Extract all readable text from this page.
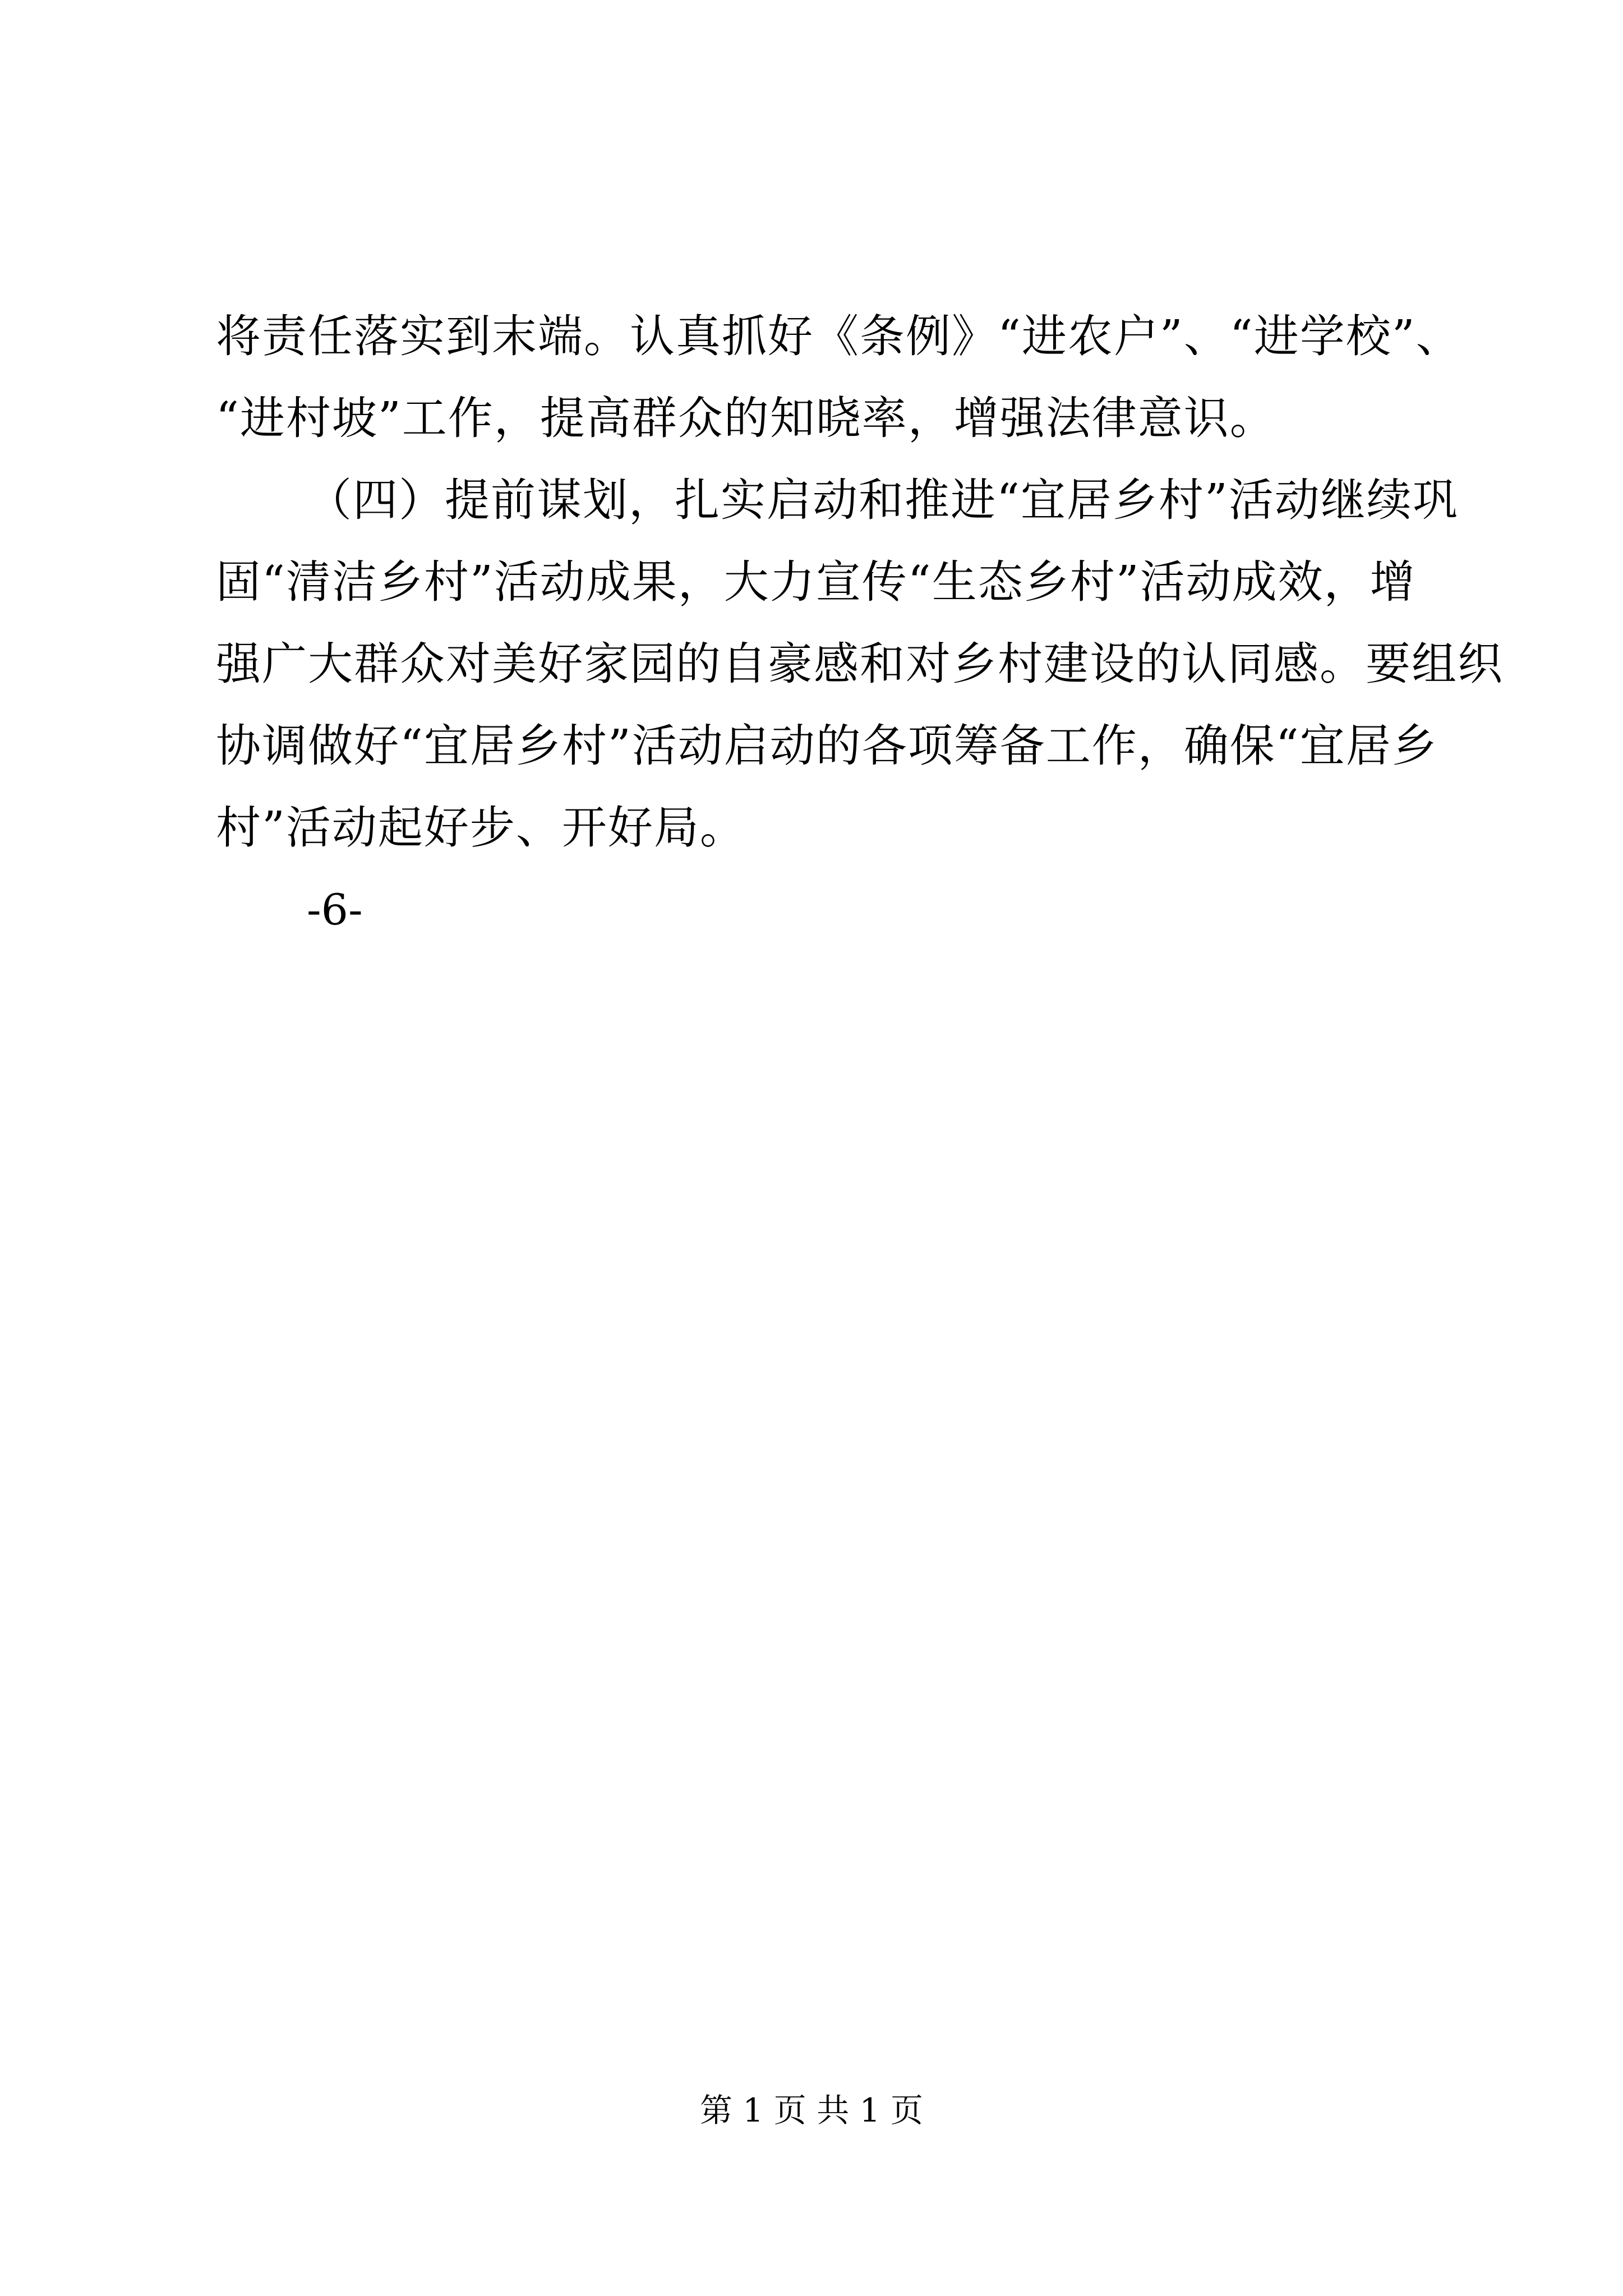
将责任落实到末端。认真抓好《条例》“进农户”、“进学校”、
“进村坡”工作，提高群众的知晓率，增强法律意识。
（四）提前谋划，扎实启动和推进“宜居乡村”活动继续巩
固“清洁乡村”活动成果，大力宣传“生态乡村”活动成效，增
强广大群众对美好家园的自豪感和对乡村建设的认同感。要组织
协调做好“宜居乡村”活动启动的各项筹备工作，确保“宜居乡
村”活动起好步、开好局。
-6-
第 1 页 共 1 页
